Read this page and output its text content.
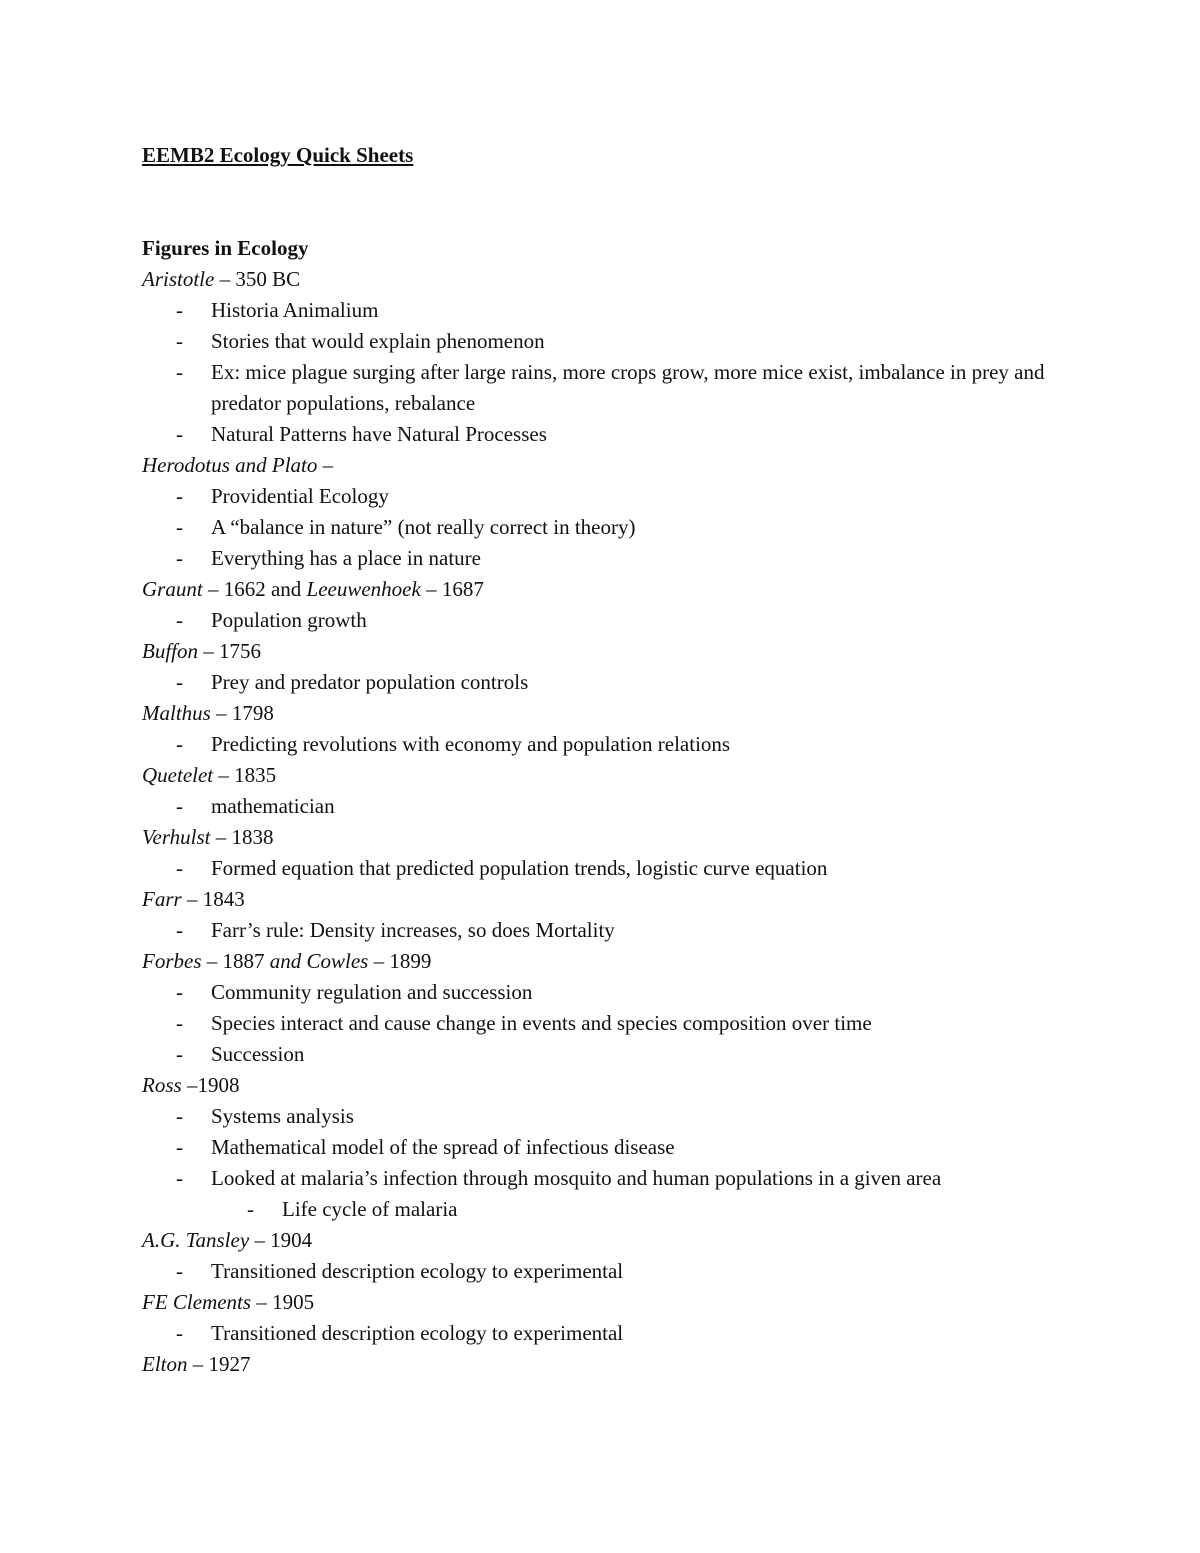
EEMB2 Ecology Quick Sheets
Figures in Ecology
Aristotle – 350 BC
- Historia Animalium
- Stories that would explain phenomenon
- Ex: mice plague surging after large rains, more crops grow, more mice exist, imbalance in prey and predator populations, rebalance
- Natural Patterns have Natural Processes
Herodotus and Plato –
- Providential Ecology
- A “balance in nature” (not really correct in theory)
- Everything has a place in nature
Graunt – 1662 and Leeuwenhoek – 1687
- Population growth
Buffon – 1756
- Prey and predator population controls
Malthus – 1798
- Predicting revolutions with economy and population relations
Quetelet – 1835
- mathematician
Verhulst – 1838
- Formed equation that predicted population trends, logistic curve equation
Farr – 1843
- Farr’s rule: Density increases, so does Mortality
Forbes – 1887 and Cowles – 1899
- Community regulation and succession
- Species interact and cause change in events and species composition over time
- Succession
Ross –1908
- Systems analysis
- Mathematical model of the spread of infectious disease
- Looked at malaria’s infection through mosquito and human populations in a given area
- Life cycle of malaria
A.G. Tansley – 1904
- Transitioned description ecology to experimental
FE Clements – 1905
- Transitioned description ecology to experimental
Elton – 1927
